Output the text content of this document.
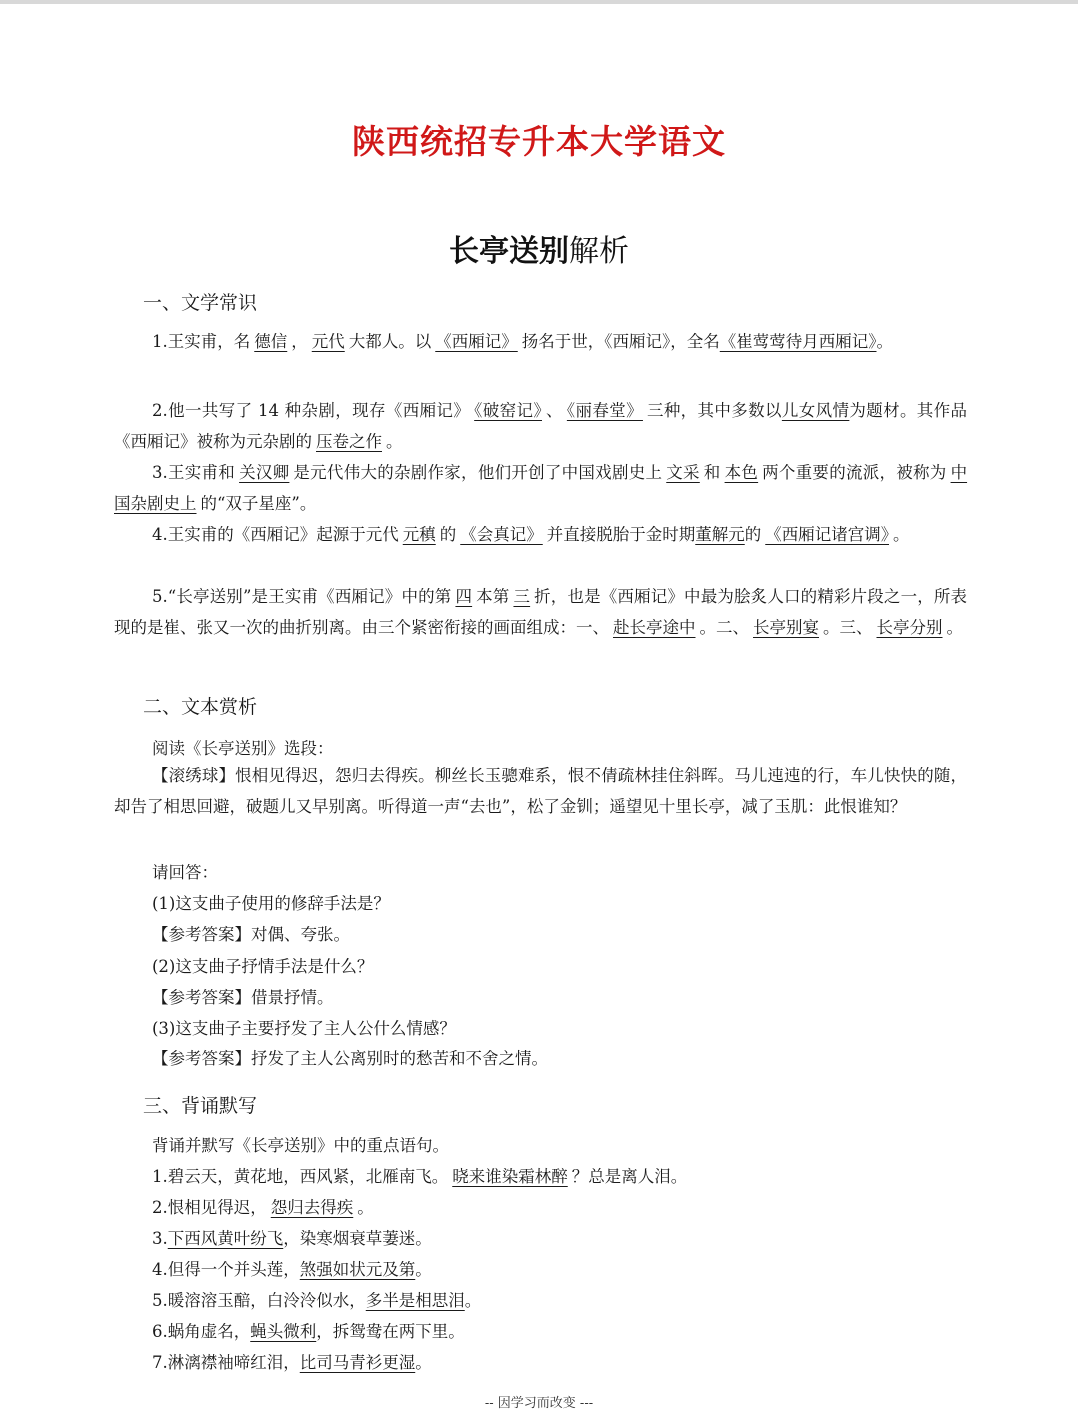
陕西统招专升本大学语文
长亭送别解析
一、文学常识
1.王实甫，名 德信 ， 元代 大都人。以 《西厢记》 扬名于世，《西厢记》，全名《崔莺莺待月西厢记》。
2.他一共写了 14 种杂剧，现存《西厢记》 《破窑记》 、 《丽春堂》 三种，其中多数以儿女风情为题材。其作品《西厢记》被称为元杂剧的 压卷之作 。
3.王实甫和 关汉卿 是元代伟大的杂剧作家，他们开创了中国戏剧史上 文采 和 本色 两个重要的流派，被称为 中国杂剧史上 的“双子星座”。
4.王实甫的《西厢记》起源于元代 元稹 的 《会真记》 并直接脱胎于金时期董解元的 《西厢记诸宫调》 。
5.“长亭送别”是王实甫《西厢记》中的第 四 本第 三 折，也是《西厢记》中最为脍炙人口的精彩片段之一，所表现的是崔、张又一次的曲折别离。由三个紧密衔接的画面组成：一、 赴长亭途中 。二、 长亭别宴 。三、 长亭分别 。
二、文本赏析
阅读《长亭送别》选段：
【滚绣球】恨相见得迟，怨归去得疾。柳丝长玉骢难系，恨不倩疏林挂住斜晖。马儿迍迍的行，车儿快快的随，却告了相思回避，破题儿又早别离。听得道一声“去也”，松了金钏；遥望见十里长亭，减了玉肌：此恨谁知？
请回答：
(1)这支曲子使用的修辞手法是？
【参考答案】对偶、夸张。
(2)这支曲子抒情手法是什么？
【参考答案】借景抒情。
(3)这支曲子主要抒发了主人公什么情感？
【参考答案】抒发了主人公离别时的愁苦和不舍之情。
三、背诵默写
背诵并默写《长亭送别》中的重点语句。
1.碧云天，黄花地，西风紧，北雁南飞。 晓来谁染霜林醉 ？总是离人泪。
2.恨相见得迟， 怨归去得疾 。
3.下西风黄叶纷飞，染寒烟衰草萋迷。
4.但得一个并头莲，煞强如状元及第。
5.暖溶溶玉醅，白泠泠似水，多半是相思泪。
6.蜗角虚名，蝇头微利，拆鸳鸯在两下里。
7.淋漓襟袖啼红泪，比司马青衫更湿。
-- 因学习而改变 ---
